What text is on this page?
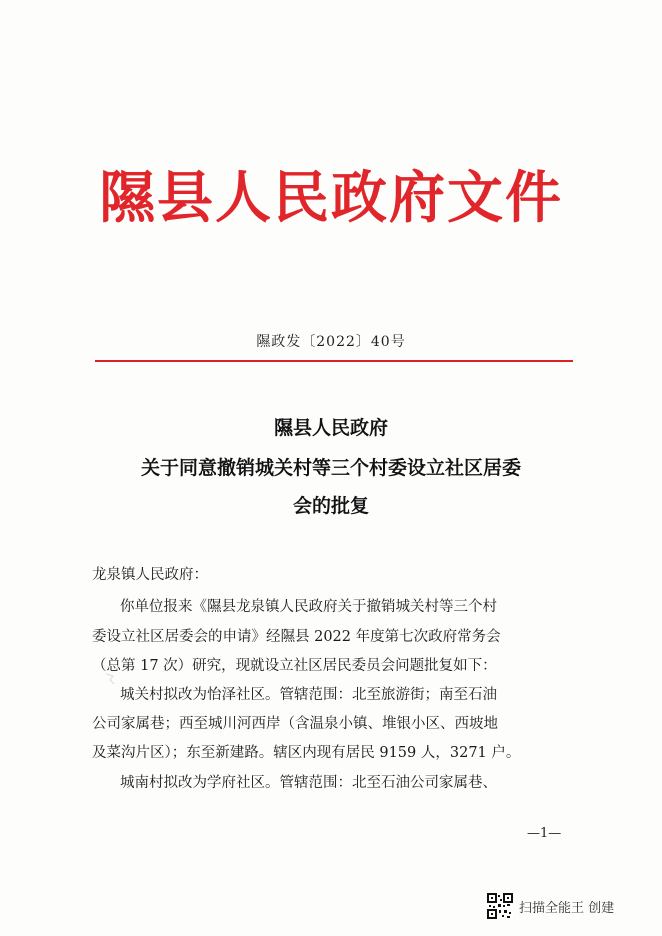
隰县人民政府文件
隰政发〔2022〕40号
隰县人民政府
关于同意撤销城关村等三个村委设立社区居委
会的批复
龙泉镇人民政府：
你单位报来《隰县龙泉镇人民政府关于撤销城关村等三个村
委设立社区居委会的申请》经隰县 2022 年度第七次政府常务会
（总第 17 次）研究，现就设立社区居民委员会问题批复如下：
城关村拟改为怡泽社区。管辖范围：北至旅游街；南至石油
公司家属巷；西至城川河西岸（含温泉小镇、堆银小区、西坡地
及菜沟片区）；东至新建路。辖区内现有居民 9159 人，3271 户。
城南村拟改为学府社区。管辖范围：北至石油公司家属巷、
—1—
扫描全能王 创建
